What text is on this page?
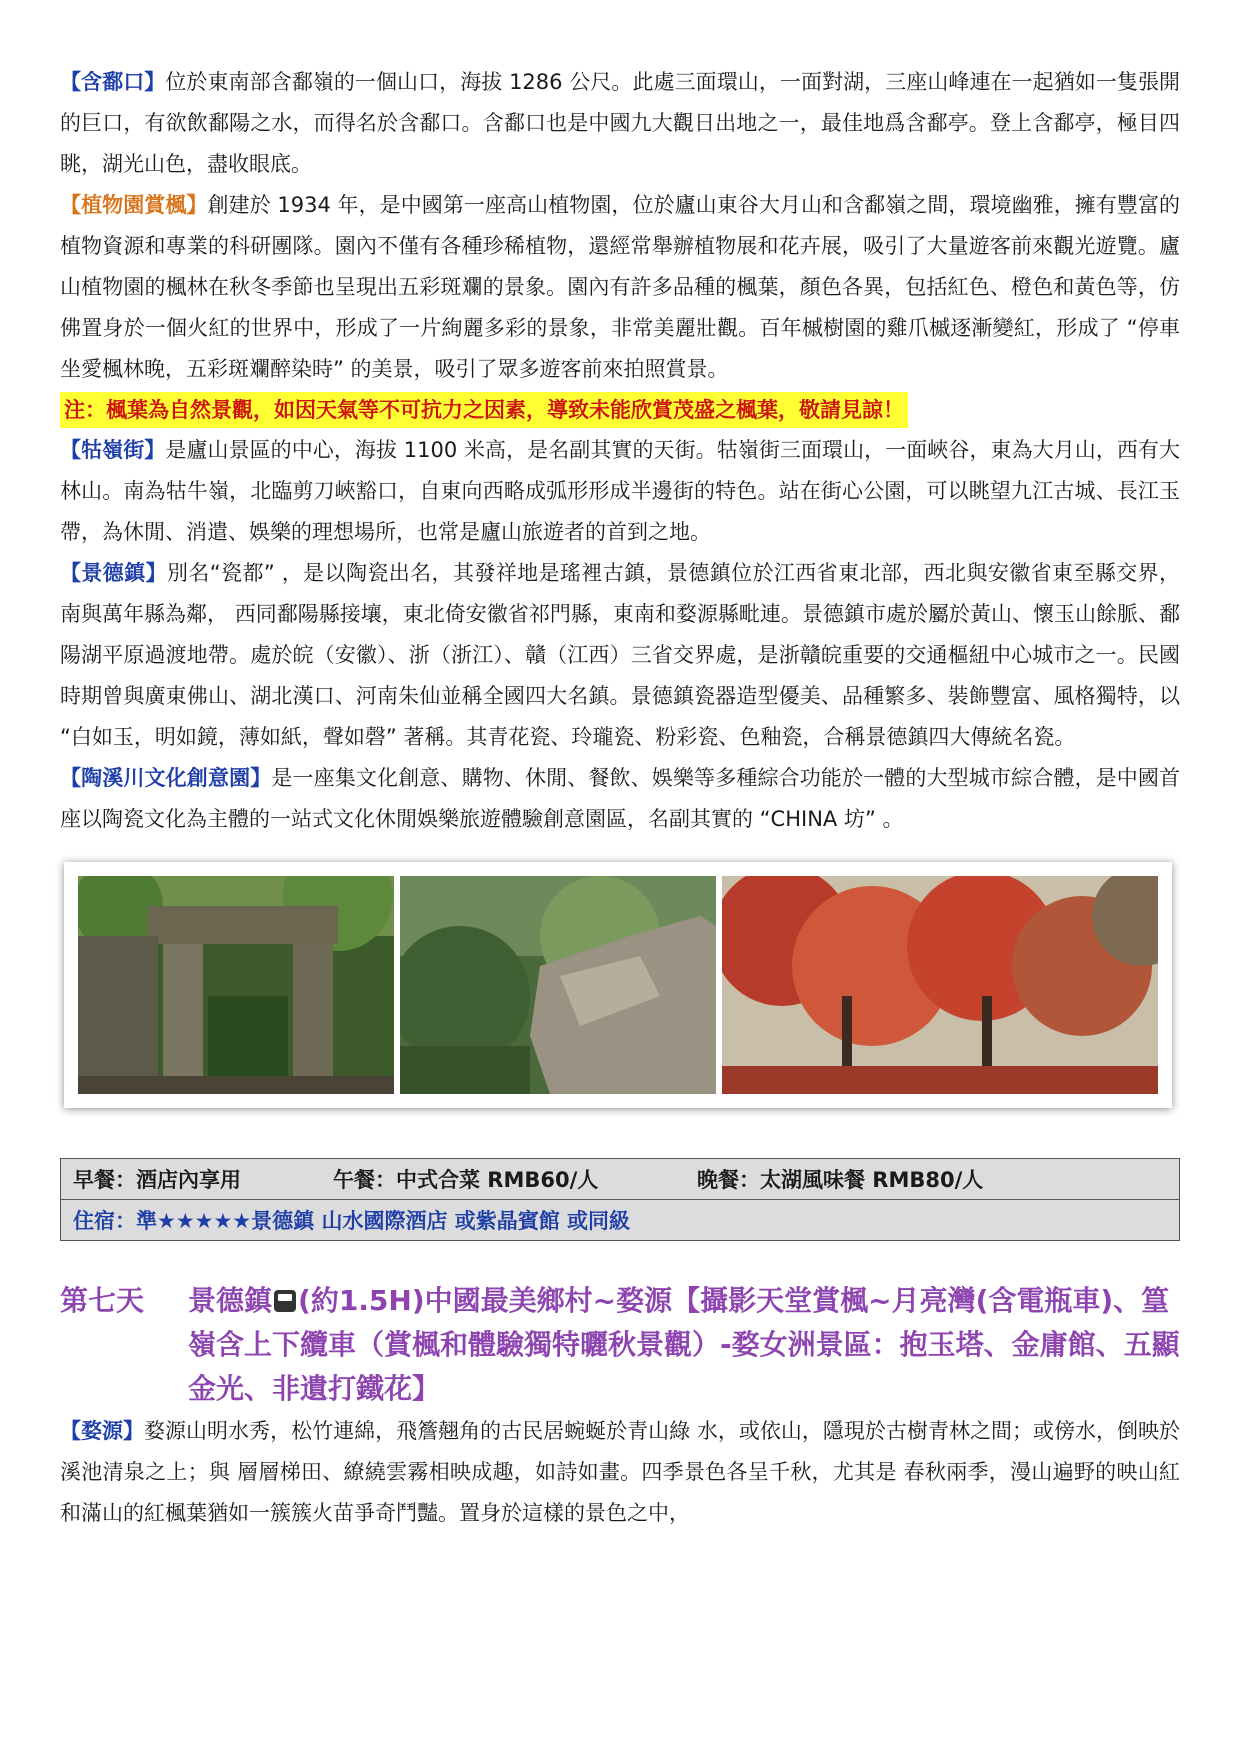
【含鄱口】位於東南部含鄱嶺的一個山口，海拔 1286 公尺。此處三面環山，一面對湖，三座山峰連在一起猶如一隻張開的巨口，有欲飲鄱陽之水，而得名於含鄱口。含鄱口也是中國九大觀日出地之一，最佳地爲含鄱亭。登上含鄱亭，極目四眺，湖光山色，盡收眼底。

【植物園賞楓】創建於 1934 年，是中國第一座高山植物園，位於廬山東谷大月山和含鄱嶺之間，環境幽雅，擁有豐富的植物資源和專業的科研團隊。園內不僅有各種珍稀植物，還經常舉辦植物展和花卉展，吸引了大量遊客前來觀光遊覽。廬山植物園的楓林在秋冬季節也呈現出五彩斑斕的景象。園內有許多品種的楓葉，顏色各異，包括紅色、橙色和黃色等，仿佛置身於一個火紅的世界中，形成了一片絢麗多彩的景象，非常美麗壯觀。百年槭樹園的雞爪槭逐漸變紅，形成了 “停車坐愛楓林晚，五彩斑斕醉染時” 的美景，吸引了眾多遊客前來拍照賞景。

注：楓葉為自然景觀，如因天氣等不可抗力之因素，導致未能欣賞茂盛之楓葉，敬請見諒！

【牯嶺街】是廬山景區的中心，海拔 1100 米高，是名副其實的天街。牯嶺街三面環山，一面峽谷，東為大月山，西有大林山。南為牯牛嶺，北臨剪刀峽豁口，自東向西略成弧形形成半邊街的特色。站在街心公園，可以眺望九江古城、長江玉帶，為休閒、消遣、娛樂的理想場所，也常是廬山旅遊者的首到之地。

【景德鎮】別名“瓷都” ，是以陶瓷出名，其發祥地是瑤裡古鎮，景德鎮位於江西省東北部，西北與安徽省東至縣交界，南與萬年縣為鄰， 西同鄱陽縣接壤，東北倚安徽省祁門縣，東南和婺源縣毗連。景德鎮市處於屬於黃山、懷玉山餘脈、鄱陽湖平原過渡地帶。處於皖（安徽）、浙（浙江）、贛（江西）三省交界處，是浙贛皖重要的交通樞紐中心城市之一。民國時期曾與廣東佛山、湖北漢口、河南朱仙並稱全國四大名鎮。景德鎮瓷器造型優美、品種繁多、裝飾豐富、風格獨特，以 “白如玉，明如鏡，薄如紙，聲如磬” 著稱。其青花瓷、玲瓏瓷、粉彩瓷、色釉瓷，合稱景德鎮四大傳統名瓷。

【陶溪川文化創意園】是一座集文化創意、購物、休閒、餐飲、娛樂等多種綜合功能於一體的大型城市綜合體，是中國首座以陶瓷文化為主體的一站式文化休閒娛樂旅遊體驗創意園區，名副其實的 “CHINA 坊” 。

早餐：酒店內享用	午餐：中式合菜 RMB60/人	晚餐：太湖風味餐 RMB80/人
住宿：準★★★★★景德鎮 山水國際酒店 或紫晶賓館 或同級
第七天	景德鎮 (約1.5H)中國最美鄉村~婺源【攝影天堂賞楓~月亮灣(含電瓶車)、篁嶺含上下纜車（賞楓和體驗獨特曬秋景觀）-婺女洲景區：抱玉塔、金庸館、五顯金光、非遺打鐵花】

【婺源】婺源山明水秀，松竹連綿，飛簷翹角的古民居蜿蜒於青山綠 水，或依山，隱現於古樹青林之間；或傍水，倒映於溪池清泉之上；與 層層梯田、繚繞雲霧相映成趣，如詩如畫。四季景色各呈千秋，尤其是 春秋兩季，漫山遍野的映山紅和滿山的紅楓葉猶如一簇簇火苗爭奇鬥豔。置身於這樣的景色之中，
